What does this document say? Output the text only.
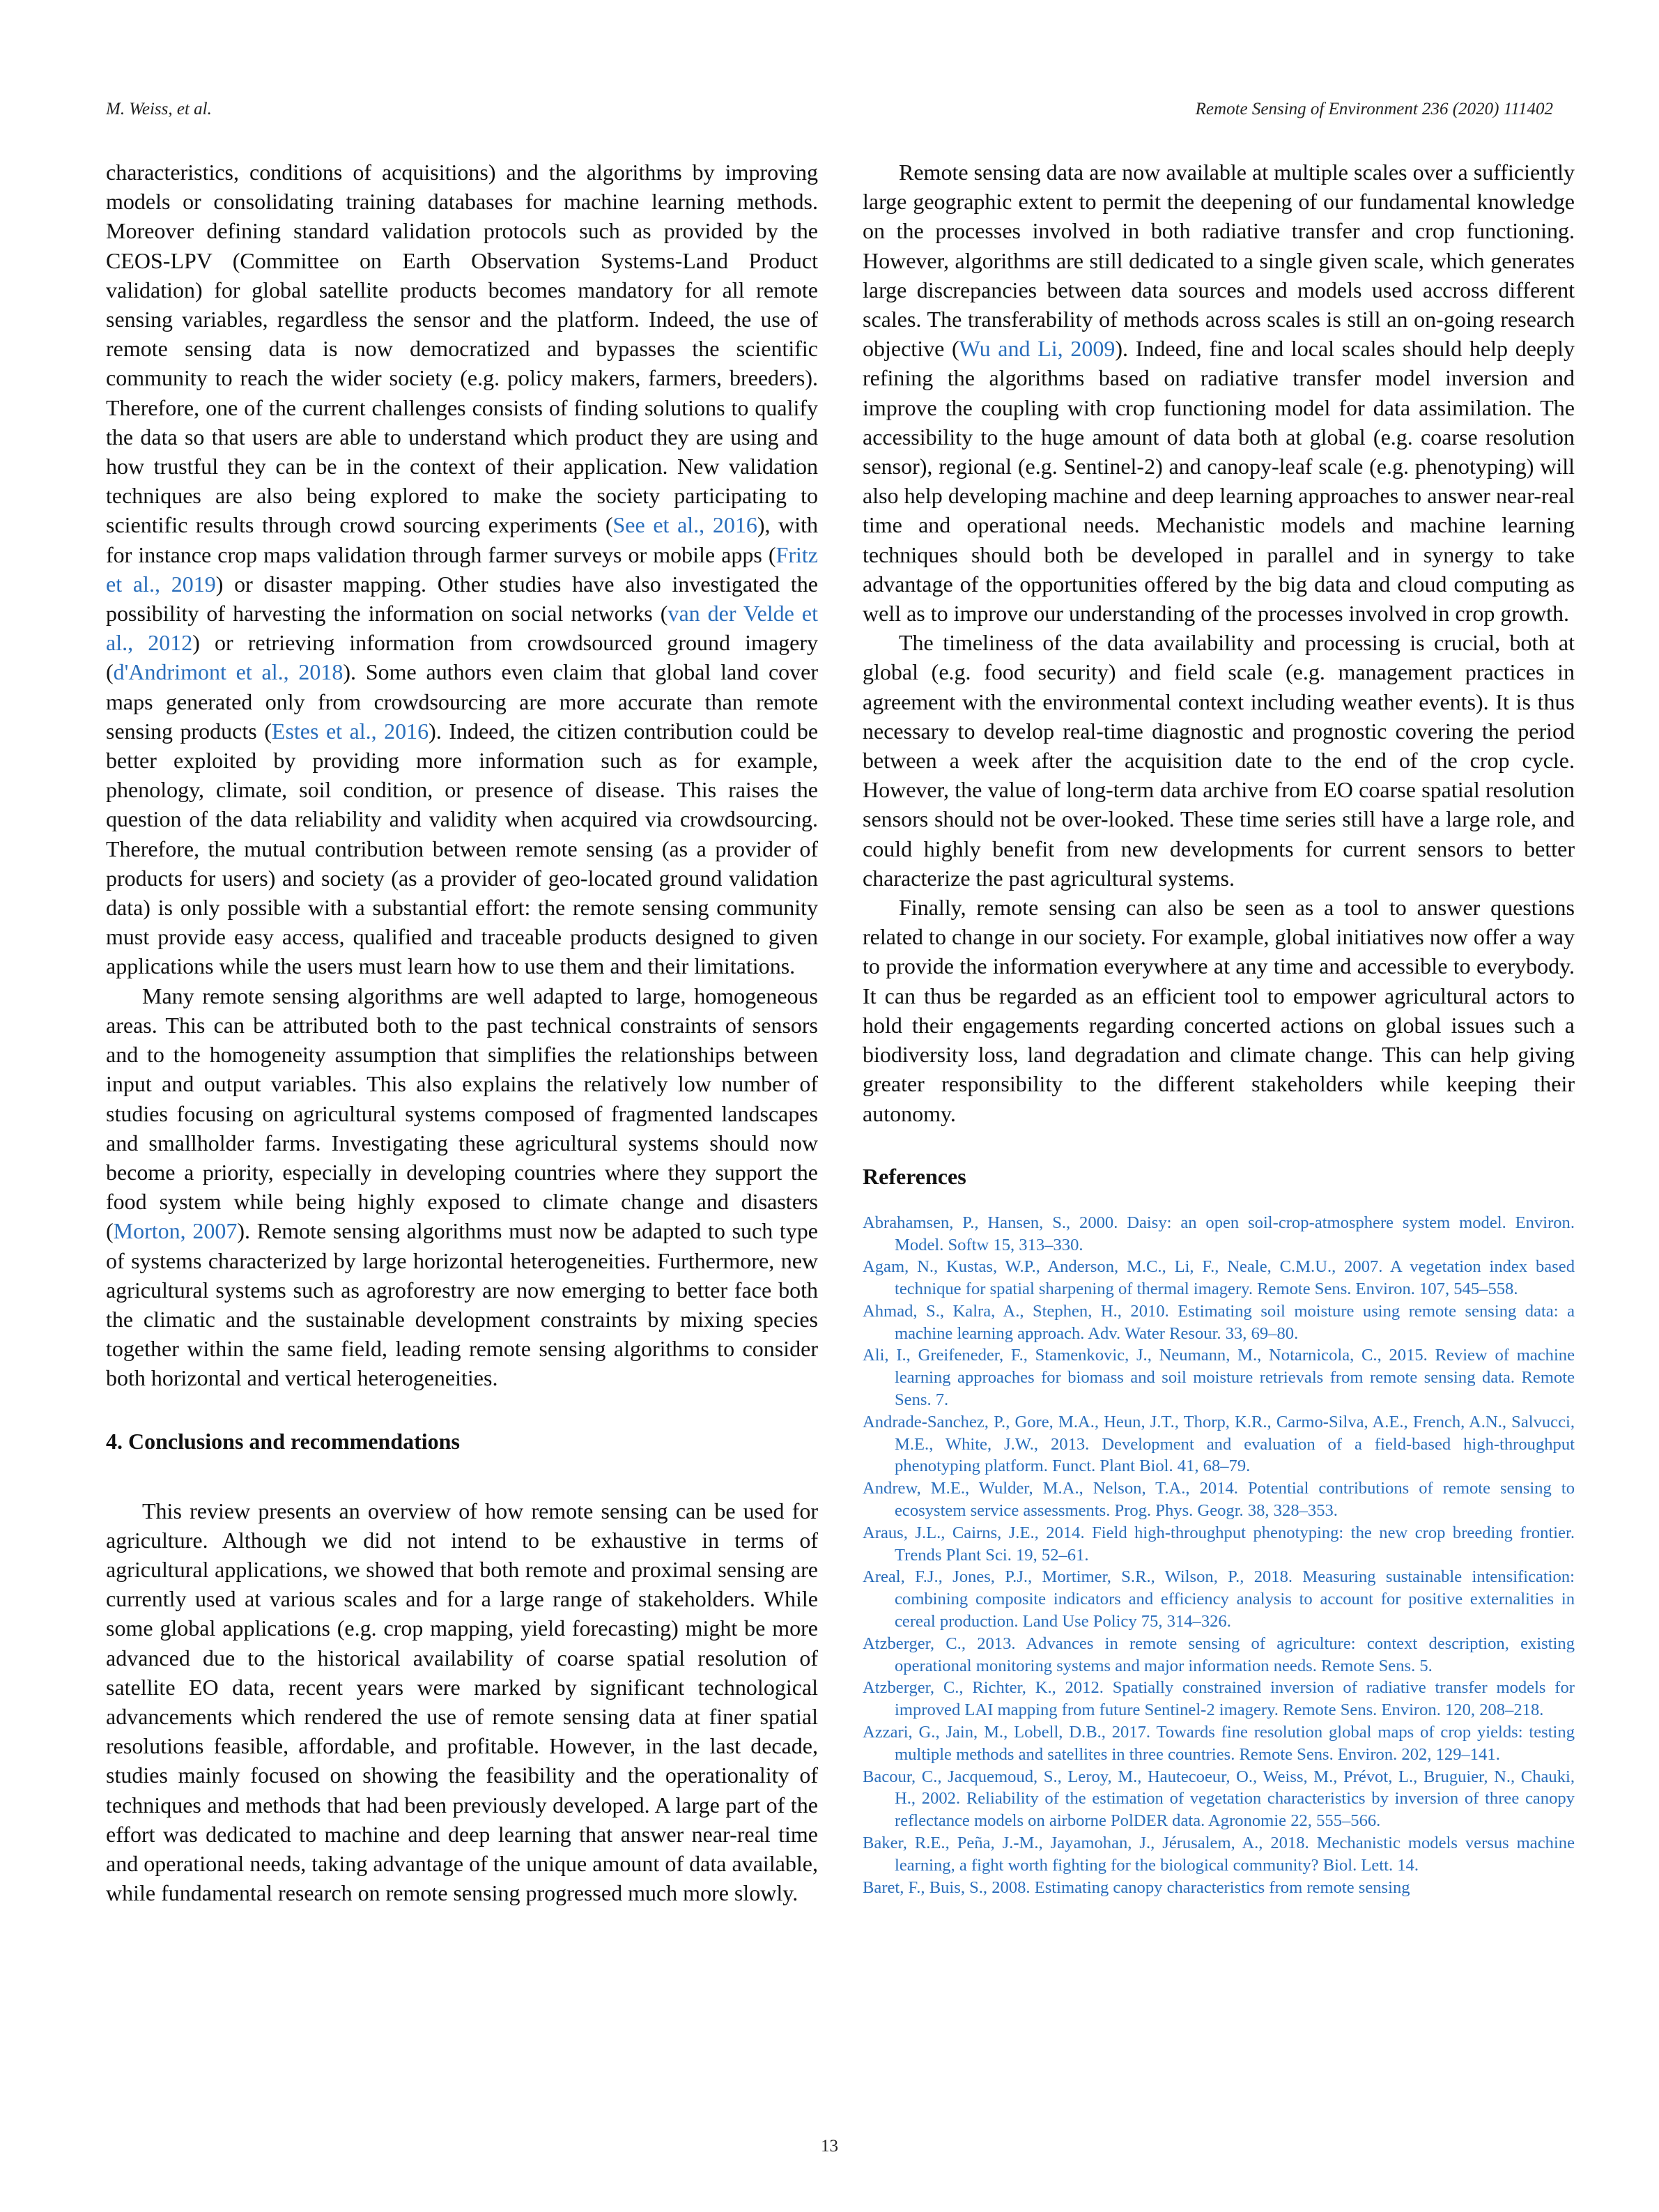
M. Weiss, et al.	Remote Sensing of Environment 236 (2020) 111402

characteristics, conditions of acquisitions) and the algorithms by improving models or consolidating training databases for machine learning methods. Moreover defining standard validation protocols such as provided by the CEOS-LPV (Committee on Earth Observation Systems-Land Product validation) for global satellite products becomes mandatory for all remote sensing variables, regardless the sensor and the platform. Indeed, the use of remote sensing data is now democratized and bypasses the scientific community to reach the wider society (e.g. policy makers, farmers, breeders). Therefore, one of the current challenges consists of finding solutions to qualify the data so that users are able to understand which product they are using and how trustful they can be in the context of their application. New validation techniques are also being explored to make the society participating to scientific results through crowd sourcing experiments (See et al., 2016), with for instance crop maps validation through farmer surveys or mobile apps (Fritz et al., 2019) or disaster mapping. Other studies have also investigated the possibility of harvesting the information on social networks (van der Velde et al., 2012) or retrieving information from crowdsourced ground imagery (d'Andrimont et al., 2018). Some authors even claim that global land cover maps generated only from crowdsourcing are more accurate than remote sensing products (Estes et al., 2016). Indeed, the citizen contribution could be better exploited by providing more information such as for example, phenology, climate, soil condition, or presence of disease. This raises the question of the data reliability and validity when acquired via crowdsourcing. Therefore, the mutual contribution between remote sensing (as a provider of products for users) and society (as a provider of geo-located ground validation data) is only possible with a substantial effort: the remote sensing community must provide easy access, qualified and traceable products designed to given applications while the users must learn how to use them and their limitations.

Many remote sensing algorithms are well adapted to large, homogeneous areas. This can be attributed both to the past technical constraints of sensors and to the homogeneity assumption that simplifies the relationships between input and output variables. This also explains the relatively low number of studies focusing on agricultural systems composed of fragmented landscapes and smallholder farms. Investigating these agricultural systems should now become a priority, especially in developing countries where they support the food system while being highly exposed to climate change and disasters (Morton, 2007). Remote sensing algorithms must now be adapted to such type of systems characterized by large horizontal heterogeneities. Furthermore, new agricultural systems such as agroforestry are now emerging to better face both the climatic and the sustainable development constraints by mixing species together within the same field, leading remote sensing algorithms to consider both horizontal and vertical heterogeneities.

4. Conclusions and recommendations

This review presents an overview of how remote sensing can be used for agriculture. Although we did not intend to be exhaustive in terms of agricultural applications, we showed that both remote and proximal sensing are currently used at various scales and for a large range of stakeholders. While some global applications (e.g. crop mapping, yield forecasting) might be more advanced due to the historical availability of coarse spatial resolution of satellite EO data, recent years were marked by significant technological advancements which rendered the use of remote sensing data at finer spatial resolutions feasible, affordable, and profitable. However, in the last decade, studies mainly focused on showing the feasibility and the operationality of techniques and methods that had been previously developed. A large part of the effort was dedicated to machine and deep learning that answer near-real time and operational needs, taking advantage of the unique amount of data available, while fundamental research on remote sensing progressed much more slowly.

Remote sensing data are now available at multiple scales over a sufficiently large geographic extent to permit the deepening of our fundamental knowledge on the processes involved in both radiative transfer and crop functioning. However, algorithms are still dedicated to a single given scale, which generates large discrepancies between data sources and models used accross different scales. The transferability of methods across scales is still an on-going research objective (Wu and Li, 2009). Indeed, fine and local scales should help deeply refining the algorithms based on radiative transfer model inversion and improve the coupling with crop functioning model for data assimilation. The accessibility to the huge amount of data both at global (e.g. coarse resolution sensor), regional (e.g. Sentinel-2) and canopy-leaf scale (e.g. phenotyping) will also help developing machine and deep learning approaches to answer near-real time and operational needs. Mechanistic models and machine learning techniques should both be developed in parallel and in synergy to take advantage of the opportunities offered by the big data and cloud computing as well as to improve our understanding of the processes involved in crop growth.

The timeliness of the data availability and processing is crucial, both at global (e.g. food security) and field scale (e.g. management practices in agreement with the environmental context including weather events). It is thus necessary to develop real-time diagnostic and prognostic covering the period between a week after the acquisition date to the end of the crop cycle. However, the value of long-term data archive from EO coarse spatial resolution sensors should not be over-looked. These time series still have a large role, and could highly benefit from new developments for current sensors to better characterize the past agricultural systems.

Finally, remote sensing can also be seen as a tool to answer questions related to change in our society. For example, global initiatives now offer a way to provide the information everywhere at any time and accessible to everybody. It can thus be regarded as an efficient tool to empower agricultural actors to hold their engagements regarding concerted actions on global issues such a biodiversity loss, land degradation and climate change. This can help giving greater responsibility to the different stakeholders while keeping their autonomy.

References
Abrahamsen, P., Hansen, S., 2000. Daisy: an open soil-crop-atmosphere system model. Environ. Model. Softw 15, 313–330.
Agam, N., Kustas, W.P., Anderson, M.C., Li, F., Neale, C.M.U., 2007. A vegetation index based technique for spatial sharpening of thermal imagery. Remote Sens. Environ. 107, 545–558.
Ahmad, S., Kalra, A., Stephen, H., 2010. Estimating soil moisture using remote sensing data: a machine learning approach. Adv. Water Resour. 33, 69–80.
Ali, I., Greifeneder, F., Stamenkovic, J., Neumann, M., Notarnicola, C., 2015. Review of machine learning approaches for biomass and soil moisture retrievals from remote sensing data. Remote Sens. 7.
Andrade-Sanchez, P., Gore, M.A., Heun, J.T., Thorp, K.R., Carmo-Silva, A.E., French, A.N., Salvucci, M.E., White, J.W., 2013. Development and evaluation of a field-based high-throughput phenotyping platform. Funct. Plant Biol. 41, 68–79.
Andrew, M.E., Wulder, M.A., Nelson, T.A., 2014. Potential contributions of remote sensing to ecosystem service assessments. Prog. Phys. Geogr. 38, 328–353.
Araus, J.L., Cairns, J.E., 2014. Field high-throughput phenotyping: the new crop breeding frontier. Trends Plant Sci. 19, 52–61.
Areal, F.J., Jones, P.J., Mortimer, S.R., Wilson, P., 2018. Measuring sustainable intensification: combining composite indicators and efficiency analysis to account for positive externalities in cereal production. Land Use Policy 75, 314–326.
Atzberger, C., 2013. Advances in remote sensing of agriculture: context description, existing operational monitoring systems and major information needs. Remote Sens. 5.
Atzberger, C., Richter, K., 2012. Spatially constrained inversion of radiative transfer models for improved LAI mapping from future Sentinel-2 imagery. Remote Sens. Environ. 120, 208–218.
Azzari, G., Jain, M., Lobell, D.B., 2017. Towards fine resolution global maps of crop yields: testing multiple methods and satellites in three countries. Remote Sens. Environ. 202, 129–141.
Bacour, C., Jacquemoud, S., Leroy, M., Hautecoeur, O., Weiss, M., Prévot, L., Bruguier, N., Chauki, H., 2002. Reliability of the estimation of vegetation characteristics by inversion of three canopy reflectance models on airborne PolDER data. Agronomie 22, 555–566.
Baker, R.E., Peña, J.-M., Jayamohan, J., Jérusalem, A., 2018. Mechanistic models versus machine learning, a fight worth fighting for the biological community? Biol. Lett. 14.
Baret, F., Buis, S., 2008. Estimating canopy characteristics from remote sensing
13
